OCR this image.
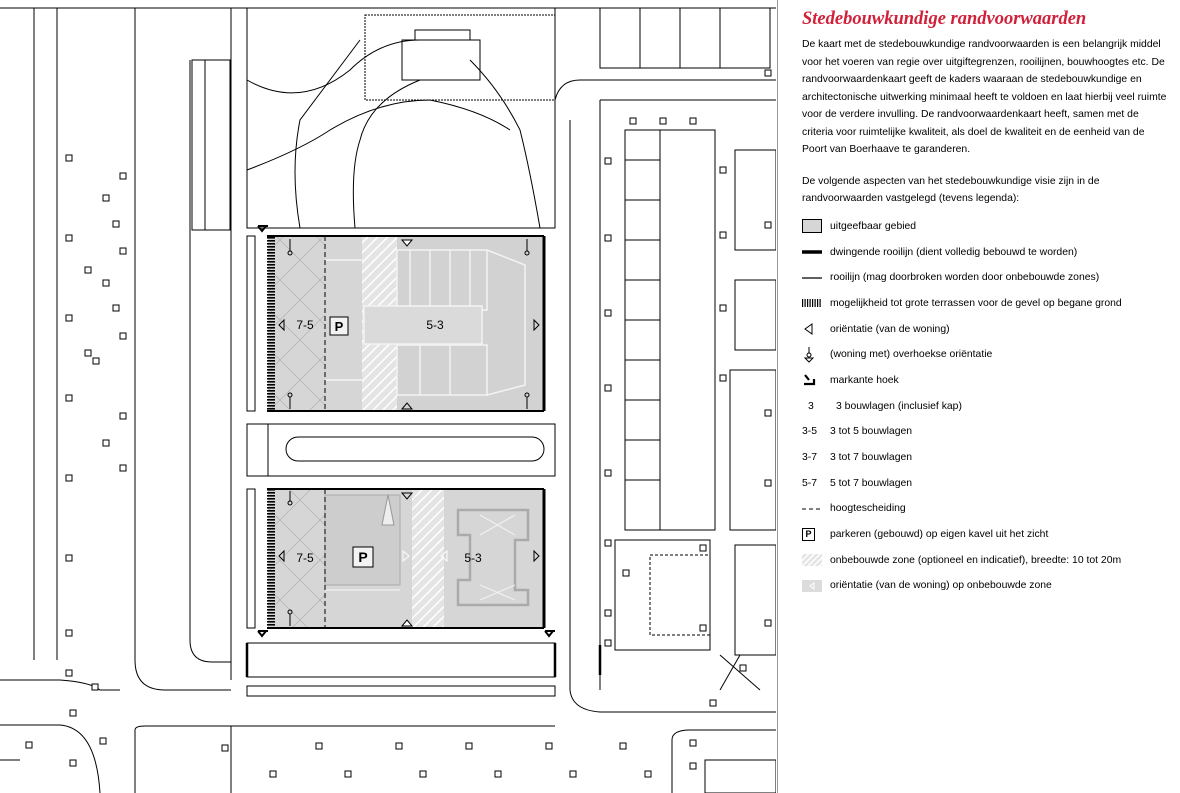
P
7-5	5-3
P
7-5	5-3
Stedebouwkundige randvoorwaarden

De kaart met de stedebouwkundige randvoorwaarden is een belangrijk middel voor het voeren van regie over uitgiftegrenzen, rooilijnen, bouwhoogtes etc. De randvoorwaardenkaart geeft de kaders waaraan de stedebouwkundige en architectonische uitwerking minimaal heeft te voldoen en laat hierbij veel ruimte voor de verdere invulling. De randvoorwaardenkaart heeft, samen met de criteria voor ruimtelijke kwaliteit, als doel de kwaliteit en de eenheid van de Poort van Boerhaave te garanderen.

De volgende aspecten van het stedebouwkundige visie zijn in de randvoorwaarden vastgelegd (tevens legenda):

uitgeefbaar gebied
dwingende rooilijn (dient volledig bebouwd te worden)
rooilijn (mag doorbroken worden door onbebouwde zones)
mogelijkheid tot grote terrassen voor de gevel op begane grond
oriëntatie (van de woning)
(woning met) overhoekse oriëntatie
markante hoek
3	3 bouwlagen (inclusief kap)
3-5	3 tot 5 bouwlagen
3-7	3 tot 7 bouwlagen
5-7	5 tot 7 bouwlagen
hoogtescheiding
P	parkeren (gebouwd) op eigen kavel uit het zicht
onbebouwde zone (optioneel en indicatief), breedte: 10 tot 20m
oriëntatie (van de woning) op onbebouwde zone
